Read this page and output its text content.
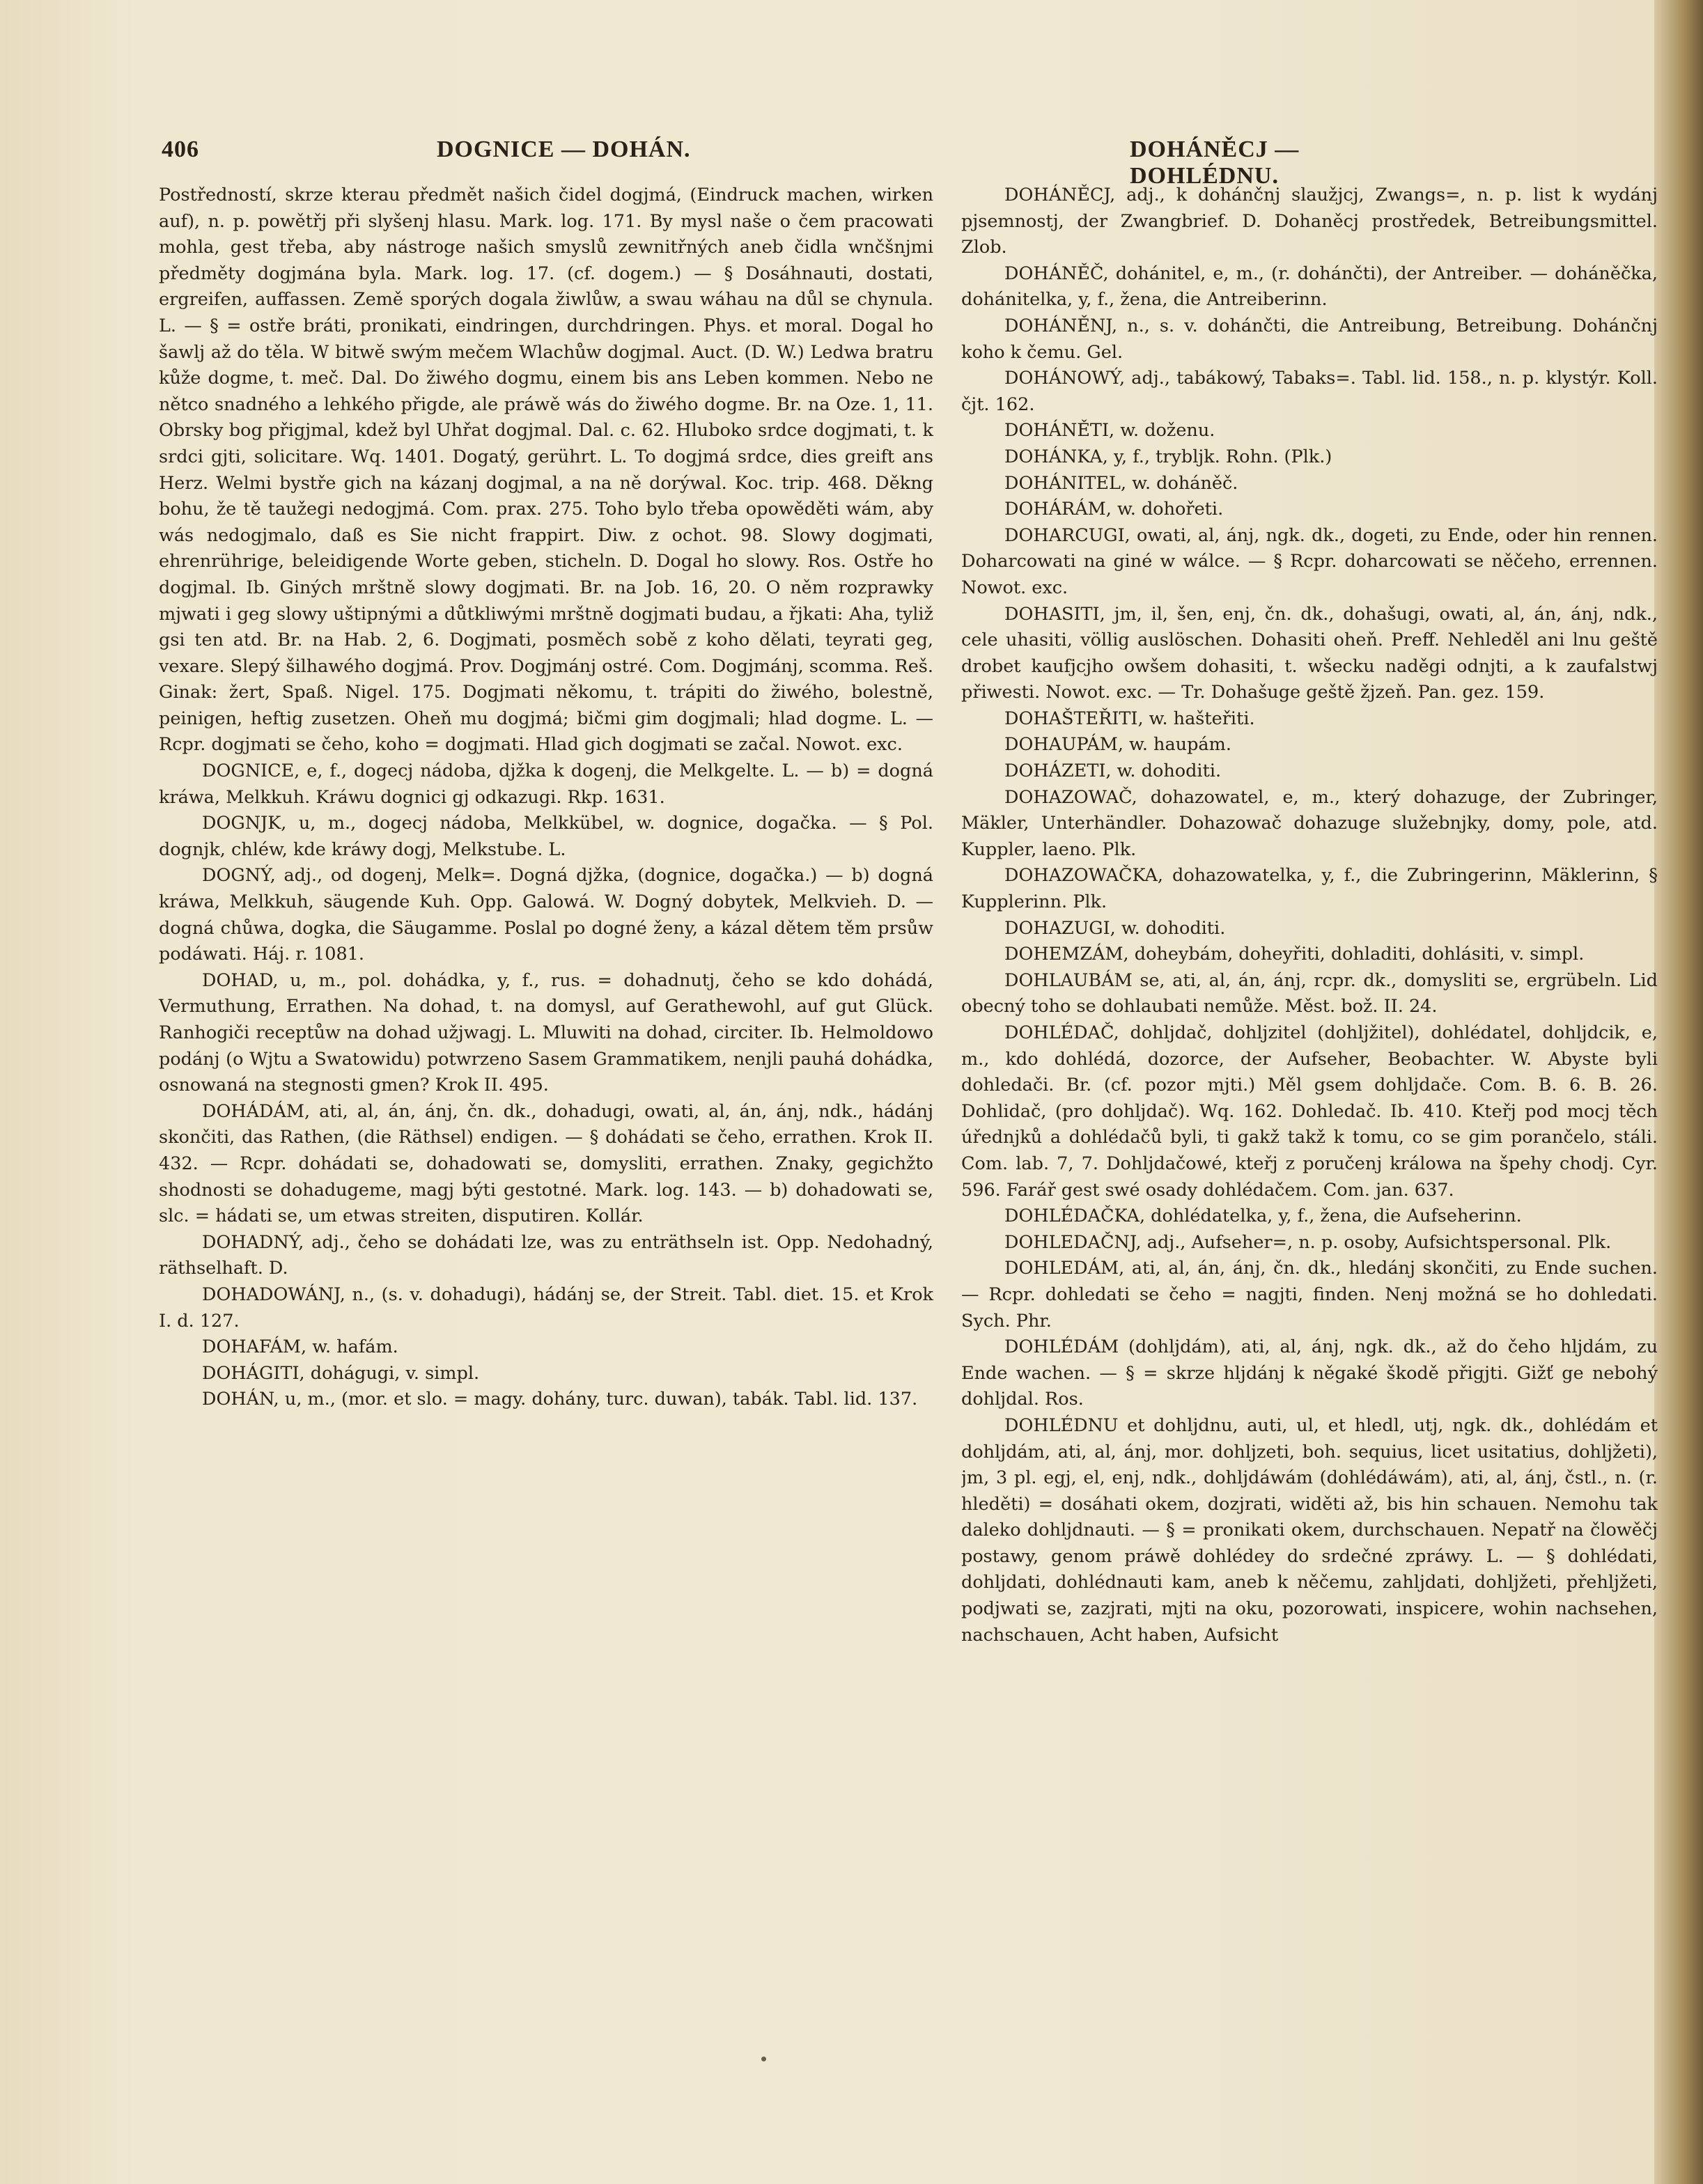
406	DOGNICE — DOHÁN.	DOHÁNĚCJ — DOHLÉDNU.

Postředností, skrze kterau předmět našich čidel dogjmá, (Eindruck machen, wirken auf), n. p. powětřj při slyšenj hlasu. Mark. log. 171. By mysl naše o čem pracowati mohla, gest třeba, aby nástroge našich smyslů zewnitřných aneb čidla wnčšnjmi předměty dogjmána byla. Mark. log. 17. (cf. dogem.) — § Dosáhnauti, dostati, ergreifen, auffassen. Země sporých dogala žiwlůw, a swau wáhau na důl se chynula. L. — § = ostře bráti, pronikati, eindringen, durchdringen. Phys. et moral. Dogal ho šawlj až do těla. W bitwě swým mečem Wlachůw dogjmal. Auct. (D. W.) Ledwa bratru kůže dogme, t. meč. Dal. Do žiwého dogmu, einem bis ans Leben kommen. Nebo ne nětco snadného a lehkého přigde, ale práwě wás do žiwého dogme. Br. na Oze. 1, 11. Obrsky bog přigjmal, kdež byl Uhřat dogjmal. Dal. c. 62. Hluboko srdce dogjmati, t. k srdci gjti, solicitare. Wq. 1401. Dogatý, gerührt. L. To dogjmá srdce, dies greift ans Herz. Welmi bystře gich na kázanj dogjmal, a na ně dorýwal. Koc. trip. 468. Děkng bohu, že tě taužegi nedogjmá. Com. prax. 275. Toho bylo třeba opowěděti wám, aby wás nedogjmalo, daß es Sie nicht frappirt. Diw. z ochot. 98. Slowy dogjmati, ehrenrührige, beleidigende Worte geben, sticheln. D. Dogal ho slowy. Ros. Ostře ho dogjmal. Ib. Giných mrštně slowy dogjmati. Br. na Job. 16, 20. O něm rozprawky mjwati i geg slowy uštipnými a důtkliwými mrštně dogjmati budau, a řjkati: Aha, tyliž gsi ten atd. Br. na Hab. 2, 6. Dogjmati, posměch sobě z koho dělati, teyrati geg, vexare. Slepý šilhawého dogjmá. Prov. Dogjmánj ostré. Com. Dogjmánj, scomma. Reš. Ginak: žert, Spaß. Nigel. 175. Dogjmati někomu, t. trápiti do žiwého, bolestně, peinigen, heftig zusetzen. Oheň mu dogjmá; bičmi gim dogjmali; hlad dogme. L. — Rcpr. dogjmati se čeho, koho = dogjmati. Hlad gich dogjmati se začal. Nowot. exc.

DOGNICE, e, f., dogecj nádoba, djžka k dogenj, die Melkgelte. L. — b) = dogná kráwa, Melkkuh. Kráwu dognici gj odkazugi. Rkp. 1631.

DOGNJK, u, m., dogecj nádoba, Melkkübel, w. dognice, dogačka. — § Pol. dognjk, chléw, kde kráwy dogj, Melkstube. L.

DOGNÝ, adj., od dogenj, Melk=. Dogná djžka, (dognice, dogačka.) — b) dogná kráwa, Melkkuh, säugende Kuh. Opp. Galowá. W. Dogný dobytek, Melkvieh. D. — dogná chůwa, dogka, die Säugamme. Poslal po dogné ženy, a kázal dětem těm prsůw podáwati. Háj. r. 1081.

DOHAD, u, m., pol. dohádka, y, f., rus. = dohadnutj, čeho se kdo dohádá, Vermuthung, Errathen. Na dohad, t. na domysl, auf Gerathewohl, auf gut Glück. Ranhogiči receptůw na dohad užjwagj. L. Mluwiti na dohad, circiter. Ib. Helmoldowo podánj (o Wjtu a Swatowidu) potwrzeno Sasem Grammatikem, nenjli pauhá dohádka, osnowaná na stegnosti gmen? Krok II. 495.

DOHÁDÁM, ati, al, án, ánj, čn. dk., dohadugi, owati, al, án, ánj, ndk., hádánj skončiti, das Rathen, (die Räthsel) endigen. — § dohádati se čeho, errathen. Krok II. 432. — Rcpr. dohádati se, dohadowati se, domysliti, errathen. Znaky, gegichžto shodnosti se dohadugeme, magj býti gestotné. Mark. log. 143. — b) dohadowati se, slc. = hádati se, um etwas streiten, disputiren. Kollár.

DOHADNÝ, adj., čeho se dohádati lze, was zu enträthseln ist. Opp. Nedohadný, räthselhaft. D.

DOHADOWÁNJ, n., (s. v. dohadugi), hádánj se, der Streit. Tabl. diet. 15. et Krok I. d. 127.

DOHAFÁM, w. hafám.

DOHÁGITI, dohágugi, v. simpl.

DOHÁN, u, m., (mor. et slo. = magy. dohány, turc. duwan), tabák. Tabl. lid. 137.

DOHÁNĚCJ, adj., k dohánčnj slaužjcj, Zwangs=, n. p. list k wydánj pjsemnostj, der Zwangbrief. D. Dohaněcj prostředek, Betreibungsmittel. Zlob.

DOHÁNĚČ, dohánitel, e, m., (r. dohánčti), der Antreiber. — doháněčka, dohánitelka, y, f., žena, die Antreiberinn.

DOHÁNĚNJ, n., s. v. dohánčti, die Antreibung, Betreibung. Dohánčnj koho k čemu. Gel.

DOHÁNOWÝ, adj., tabákowý, Tabaks=. Tabl. lid. 158., n. p. klystýr. Koll. čjt. 162.

DOHÁNĚTI, w. doženu.

DOHÁNKA, y, f., trybljk. Rohn. (Plk.)

DOHÁNITEL, w. doháněč.

DOHÁRÁM, w. dohořeti.

DOHARCUGI, owati, al, ánj, ngk. dk., dogeti, zu Ende, oder hin rennen. Doharcowati na giné w wálce. — § Rcpr. doharcowati se něčeho, errennen. Nowot. exc.

DOHASITI, jm, il, šen, enj, čn. dk., dohašugi, owati, al, án, ánj, ndk., cele uhasiti, völlig auslöschen. Dohasiti oheň. Preff. Nehleděl ani lnu geště drobet kaufjcjho owšem dohasiti, t. wšecku naděgi odnjti, a k zaufalstwj přiwesti. Nowot. exc. — Tr. Dohašuge geště žjzeň. Pan. gez. 159.

DOHAŠTEŘITI, w. hašteřiti.

DOHAUPÁM, w. haupám.

DOHÁZETI, w. dohoditi.

DOHAZOWAČ, dohazowatel, e, m., který dohazuge, der Zubringer, Mäkler, Unterhändler. Dohazowač dohazuge služebnjky, domy, pole, atd. Kuppler, laeno. Plk.

DOHAZOWAČKA, dohazowatelka, y, f., die Zubringerinn, Mäklerinn, § Kupplerinn. Plk.

DOHAZUGI, w. dohoditi.

DOHEMZÁM, doheybám, doheyřiti, dohladiti, dohlásiti, v. simpl.

DOHLAUBÁM se, ati, al, án, ánj, rcpr. dk., domysliti se, ergrübeln. Lid obecný toho se dohlaubati nemůže. Měst. bož. II. 24.

DOHLÉDAČ, dohljdač, dohljzitel (dohljžitel), dohlédatel, dohljdcik, e, m., kdo dohlédá, dozorce, der Aufseher, Beobachter. W. Abyste byli dohledači. Br. (cf. pozor mjti.) Měl gsem dohljdače. Com. B. 6. B. 26. Dohlidač, (pro dohljdač). Wq. 162. Dohledač. Ib. 410. Kteřj pod mocj těch úřednjků a dohlédačů byli, ti gakž takž k tomu, co se gim porančelo, stáli. Com. lab. 7, 7. Dohljdačowé, kteřj z poručenj králowa na špehy chodj. Cyr. 596. Farář gest swé osady dohlédačem. Com. jan. 637.

DOHLÉDAČKA, dohlédatelka, y, f., žena, die Aufseherinn.

DOHLEDAČNJ, adj., Aufseher=, n. p. osoby, Aufsichtspersonal. Plk.

DOHLEDÁM, ati, al, án, ánj, čn. dk., hledánj skončiti, zu Ende suchen. — Rcpr. dohledati se čeho = nagjti, finden. Nenj možná se ho dohledati. Sych. Phr.

DOHLÉDÁM (dohljdám), ati, al, ánj, ngk. dk., až do čeho hljdám, zu Ende wachen. — § = skrze hljdánj k něgaké škodě přigjti. Gižť ge nebohý dohljdal. Ros.

DOHLÉDNU et dohljdnu, auti, ul, et hledl, utj, ngk. dk., dohlédám et dohljdám, ati, al, ánj, mor. dohljzeti, boh. sequius, licet usitatius, dohljžeti), jm, 3 pl. egj, el, enj, ndk., dohljdáwám (dohlédáwám), ati, al, ánj, čstl., n. (r. hleděti) = dosáhati okem, dozjrati, widěti až, bis hin schauen. Nemohu tak daleko dohljdnauti. — § = pronikati okem, durchschauen. Nepatř na člowěčj postawy, genom práwě dohlédey do srdečné zpráwy. L. — § dohlédati, dohljdati, dohlédnauti kam, aneb k něčemu, zahljdati, dohljžeti, přehljžeti, podjwati se, zazjrati, mjti na oku, pozorowati, inspicere, wohin nachsehen, nachschauen, Acht haben, Aufsicht
